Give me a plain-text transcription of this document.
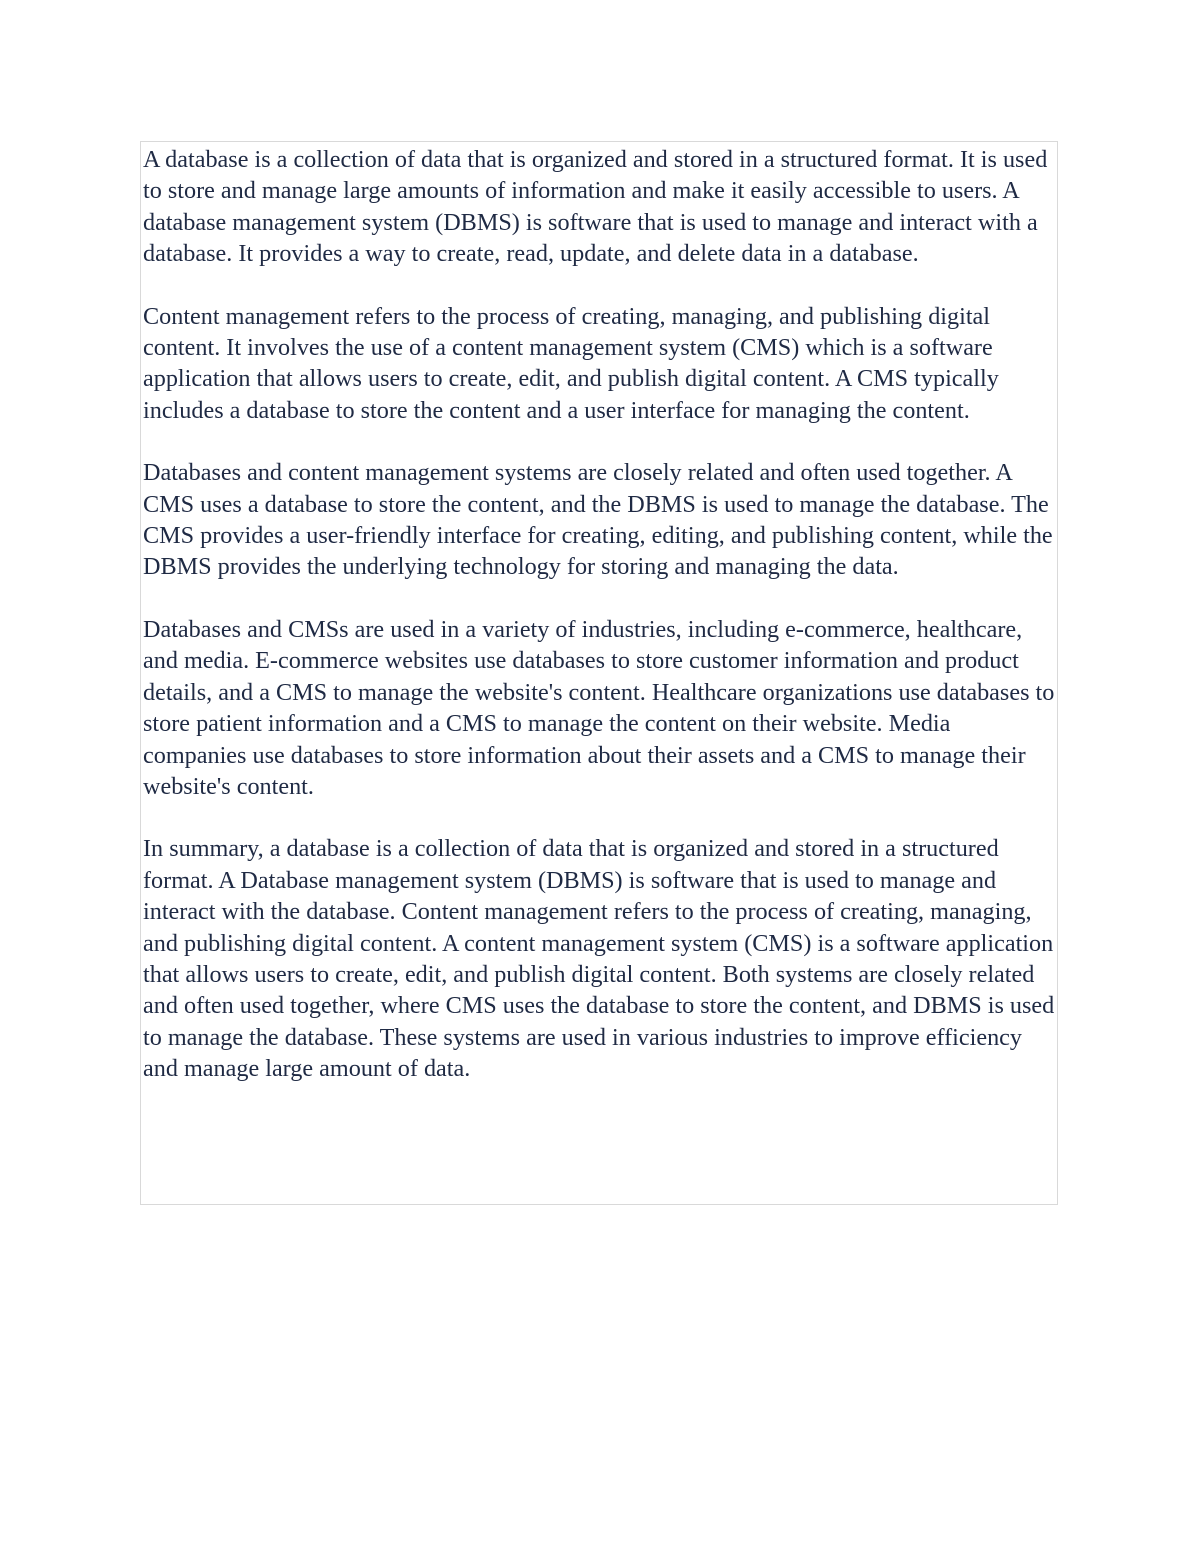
A database is a collection of data that is organized and stored in a structured format. It is used to store and manage large amounts of information and make it easily accessible to users. A database management system (DBMS) is software that is used to manage and interact with a database. It provides a way to create, read, update, and delete data in a database.

Content management refers to the process of creating, managing, and publishing digital content. It involves the use of a content management system (CMS) which is a software application that allows users to create, edit, and publish digital content. A CMS typically includes a database to store the content and a user interface for managing the content.

Databases and content management systems are closely related and often used together. A CMS uses a database to store the content, and the DBMS is used to manage the database. The CMS provides a user-friendly interface for creating, editing, and publishing content, while the DBMS provides the underlying technology for storing and managing the data.

Databases and CMSs are used in a variety of industries, including e-commerce, healthcare, and media. E-commerce websites use databases to store customer information and product details, and a CMS to manage the website's content. Healthcare organizations use databases to store patient information and a CMS to manage the content on their website. Media companies use databases to store information about their assets and a CMS to manage their website's content.

In summary, a database is a collection of data that is organized and stored in a structured format. A Database management system (DBMS) is software that is used to manage and interact with the database. Content management refers to the process of creating, managing, and publishing digital content. A content management system (CMS) is a software application that allows users to create, edit, and publish digital content. Both systems are closely related and often used together, where CMS uses the database to store the content, and DBMS is used to manage the database. These systems are used in various industries to improve efficiency and manage large amount of data.
